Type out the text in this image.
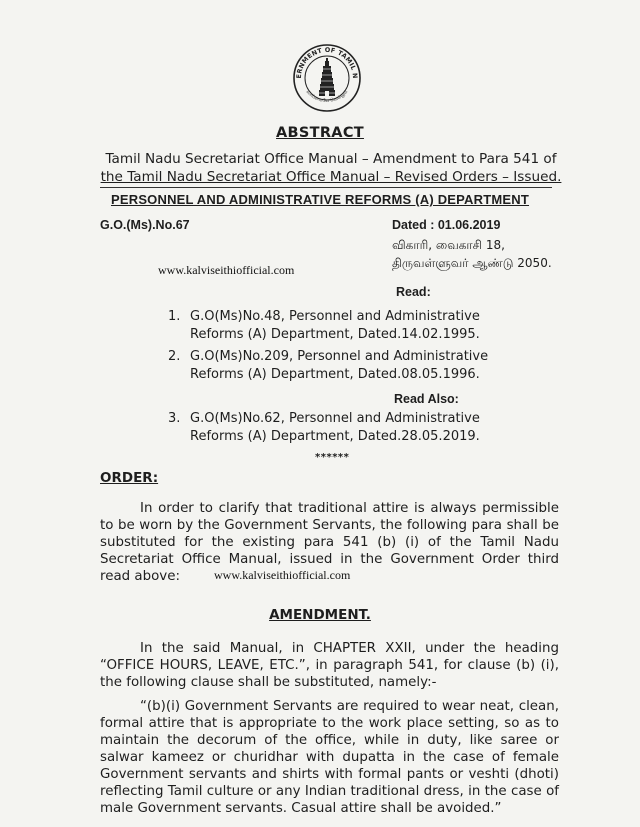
ERNMENT OF TAMIL N
வாய்மையே வெல்லும்
ABSTRACT
Tamil Nadu Secretariat Office Manual – Amendment to Para 541 of
the Tamil Nadu Secretariat Office Manual – Revised Orders – Issued.
PERSONNEL AND ADMINISTRATIVE REFORMS (A) DEPARTMENT
G.O.(Ms).No.67	Dated : 01.06.2019
விகாரி, வைகாசி 18,
திருவள்ளுவர் ஆண்டு 2050.
www.kalviseithiofficial.com
Read:
1. G.O(Ms)No.48, Personnel and Administrative Reforms (A) Department, Dated.14.02.1995.
2. G.O(Ms)No.209, Personnel and Administrative Reforms (A) Department, Dated.08.05.1996.
Read Also:
3. G.O(Ms)No.62, Personnel and Administrative Reforms (A) Department, Dated.28.05.2019.
******
ORDER:
In order to clarify that traditional attire is always permissible to be worn by the Government Servants, the following para shall be substituted for the existing para 541 (b) (i) of the Tamil Nadu Secretariat Office Manual, issued in the Government Order third read above:	www.kalviseithiofficial.com
AMENDMENT.
In the said Manual, in CHAPTER XXII, under the heading “OFFICE HOURS, LEAVE, ETC.”, in paragraph 541, for clause (b) (i), the following clause shall be substituted, namely:-
“(b)(i) Government Servants are required to wear neat, clean, formal attire that is appropriate to the work place setting, so as to maintain the decorum of the office, while in duty, like saree or salwar kameez or churidhar with dupatta in the case of female Government servants and shirts with formal pants or veshti (dhoti) reflecting Tamil culture or any Indian traditional dress, in the case of male Government servants. Casual attire shall be avoided.”
